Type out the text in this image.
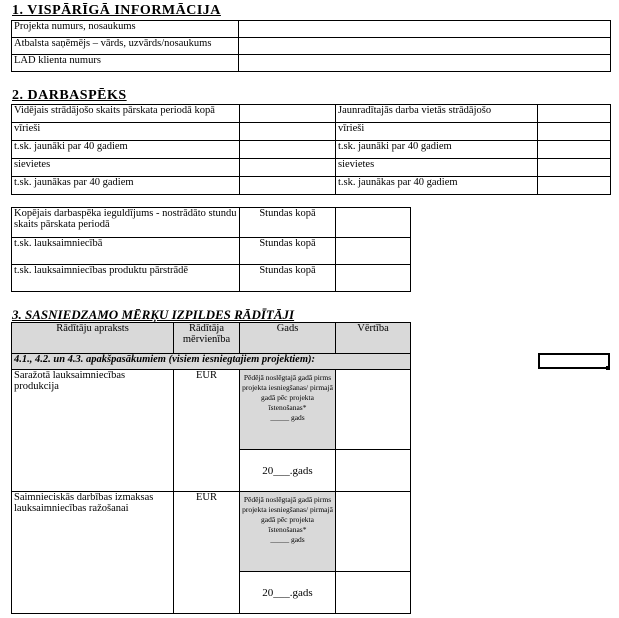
1. VISPĀRĪGĀ INFORMĀCIJA
Projekta numurs, nosaukums	
Atbalsta saņēmējs – vārds, uzvārds/nosaukums	
LAD klienta numurs	
2. DARBASPĒKS
Vidējais strādājošo skaits pārskata periodā kopā		Jaunradītajās darba vietās strādājošo	
vīrieši		vīrieši	
t.sk. jaunāki par 40 gadiem		t.sk. jaunāki par 40 gadiem	
sievietes		sievietes	
t.sk. jaunākas par 40 gadiem		t.sk. jaunākas par 40 gadiem	
Kopējais darbaspēka ieguldījums - nostrādāto stundu skaits pārskata periodā	Stundas kopā	
t.sk. lauksaimniecībā	Stundas kopā	
t.sk. lauksaimniecības produktu pārstrādē	Stundas kopā	
3. SASNIEDZAMO MĒRĶU IZPILDES RĀDĪTĀJI
Rādītāju apraksts	Rādītāja mērvienība	Gads	Vērtība
4.1., 4.2. un 4.3. apakšpasākumiem (visiem iesniegtajiem projektiem):			
Saražotā lauksaimniecības produkcija	EUR	Pēdējā noslēgtajā gadā pirms projekta iesniegšanas/ pirmajā gadā pēc projekta īstenošanas*
_____ gads	

		20___.gads	
Saimnieciskās darbības izmaksas lauksaimniecības ražošanai	EUR	Pēdējā noslēgtajā gadā pirms projekta iesniegšanas/ pirmajā gadā pēc projekta īstenošanas*
_____ gads	

		20___.gads	
